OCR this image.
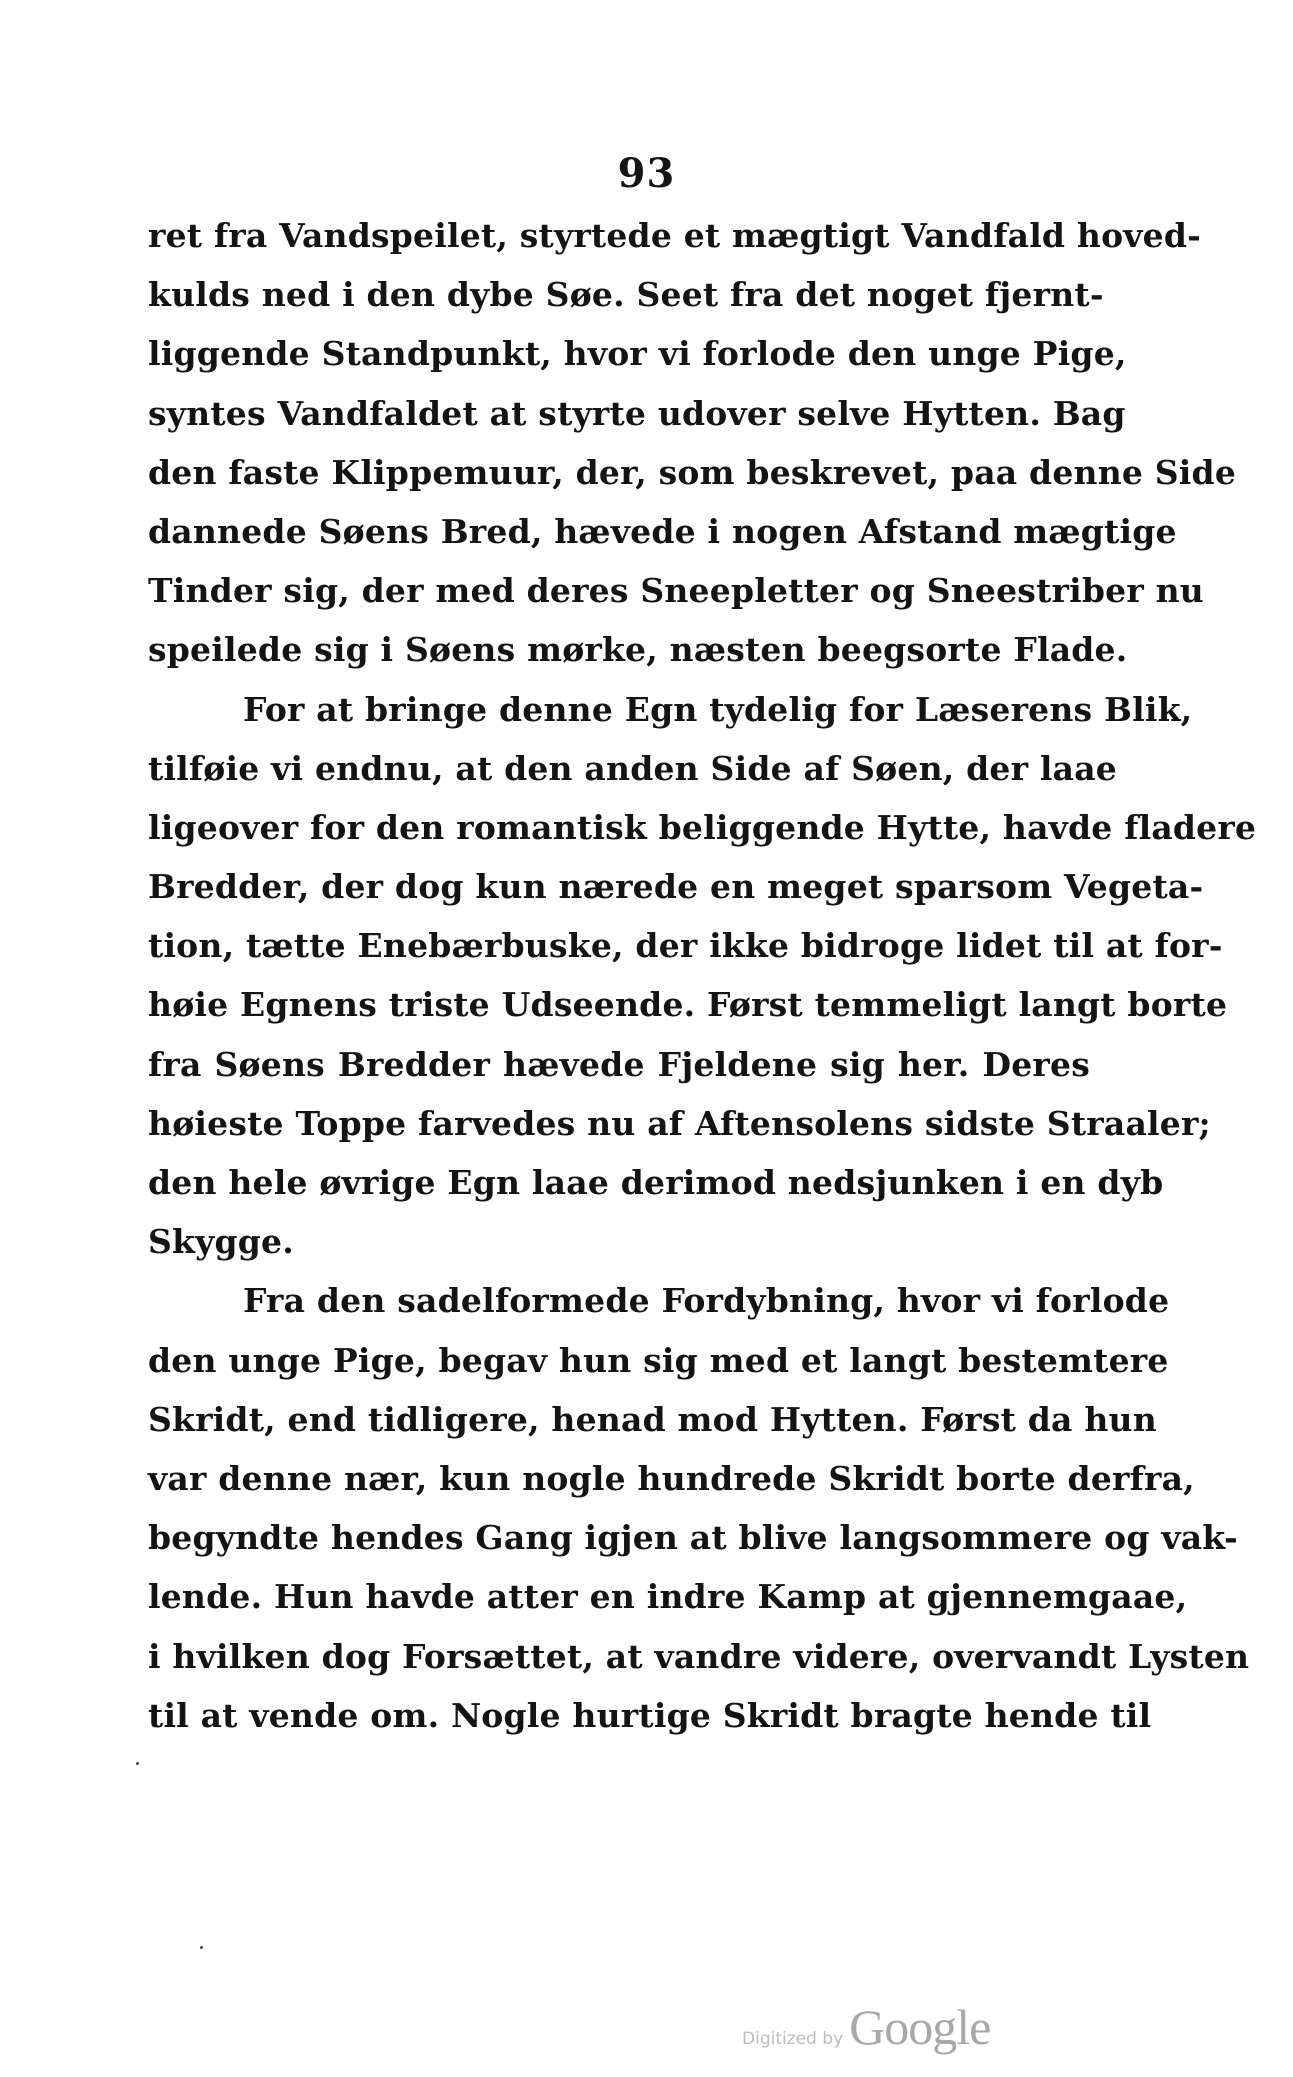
93
ret fra Vandspeilet, styrtede et mægtigt Vandfald hoved-
kulds ned i den dybe Søe. Seet fra det noget fjernt-
liggende Standpunkt, hvor vi forlode den unge Pige,
syntes Vandfaldet at styrte udover selve Hytten. Bag
den faste Klippemuur, der, som beskrevet, paa denne Side
dannede Søens Bred, hævede i nogen Afstand mægtige
Tinder sig, der med deres Sneepletter og Sneestriber nu
speilede sig i Søens mørke, næsten beegsorte Flade.
For at bringe denne Egn tydelig for Læserens Blik,
tilføie vi endnu, at den anden Side af Søen, der laae
ligeover for den romantisk beliggende Hytte, havde fladere
Bredder, der dog kun nærede en meget sparsom Vegeta-
tion, tætte Enebærbuske, der ikke bidroge lidet til at for-
høie Egnens triste Udseende. Først temmeligt langt borte
fra Søens Bredder hævede Fjeldene sig her. Deres
høieste Toppe farvedes nu af Aftensolens sidste Straaler;
den hele øvrige Egn laae derimod nedsjunken i en dyb
Skygge.
Fra den sadelformede Fordybning, hvor vi forlode
den unge Pige, begav hun sig med et langt bestemtere
Skridt, end tidligere, henad mod Hytten. Først da hun
var denne nær, kun nogle hundrede Skridt borte derfra,
begyndte hendes Gang igjen at blive langsommere og vak-
lende. Hun havde atter en indre Kamp at gjennemgaae,
i hvilken dog Forsættet, at vandre videre, overvandt Lysten
til at vende om. Nogle hurtige Skridt bragte hende til
Digitized by Google
